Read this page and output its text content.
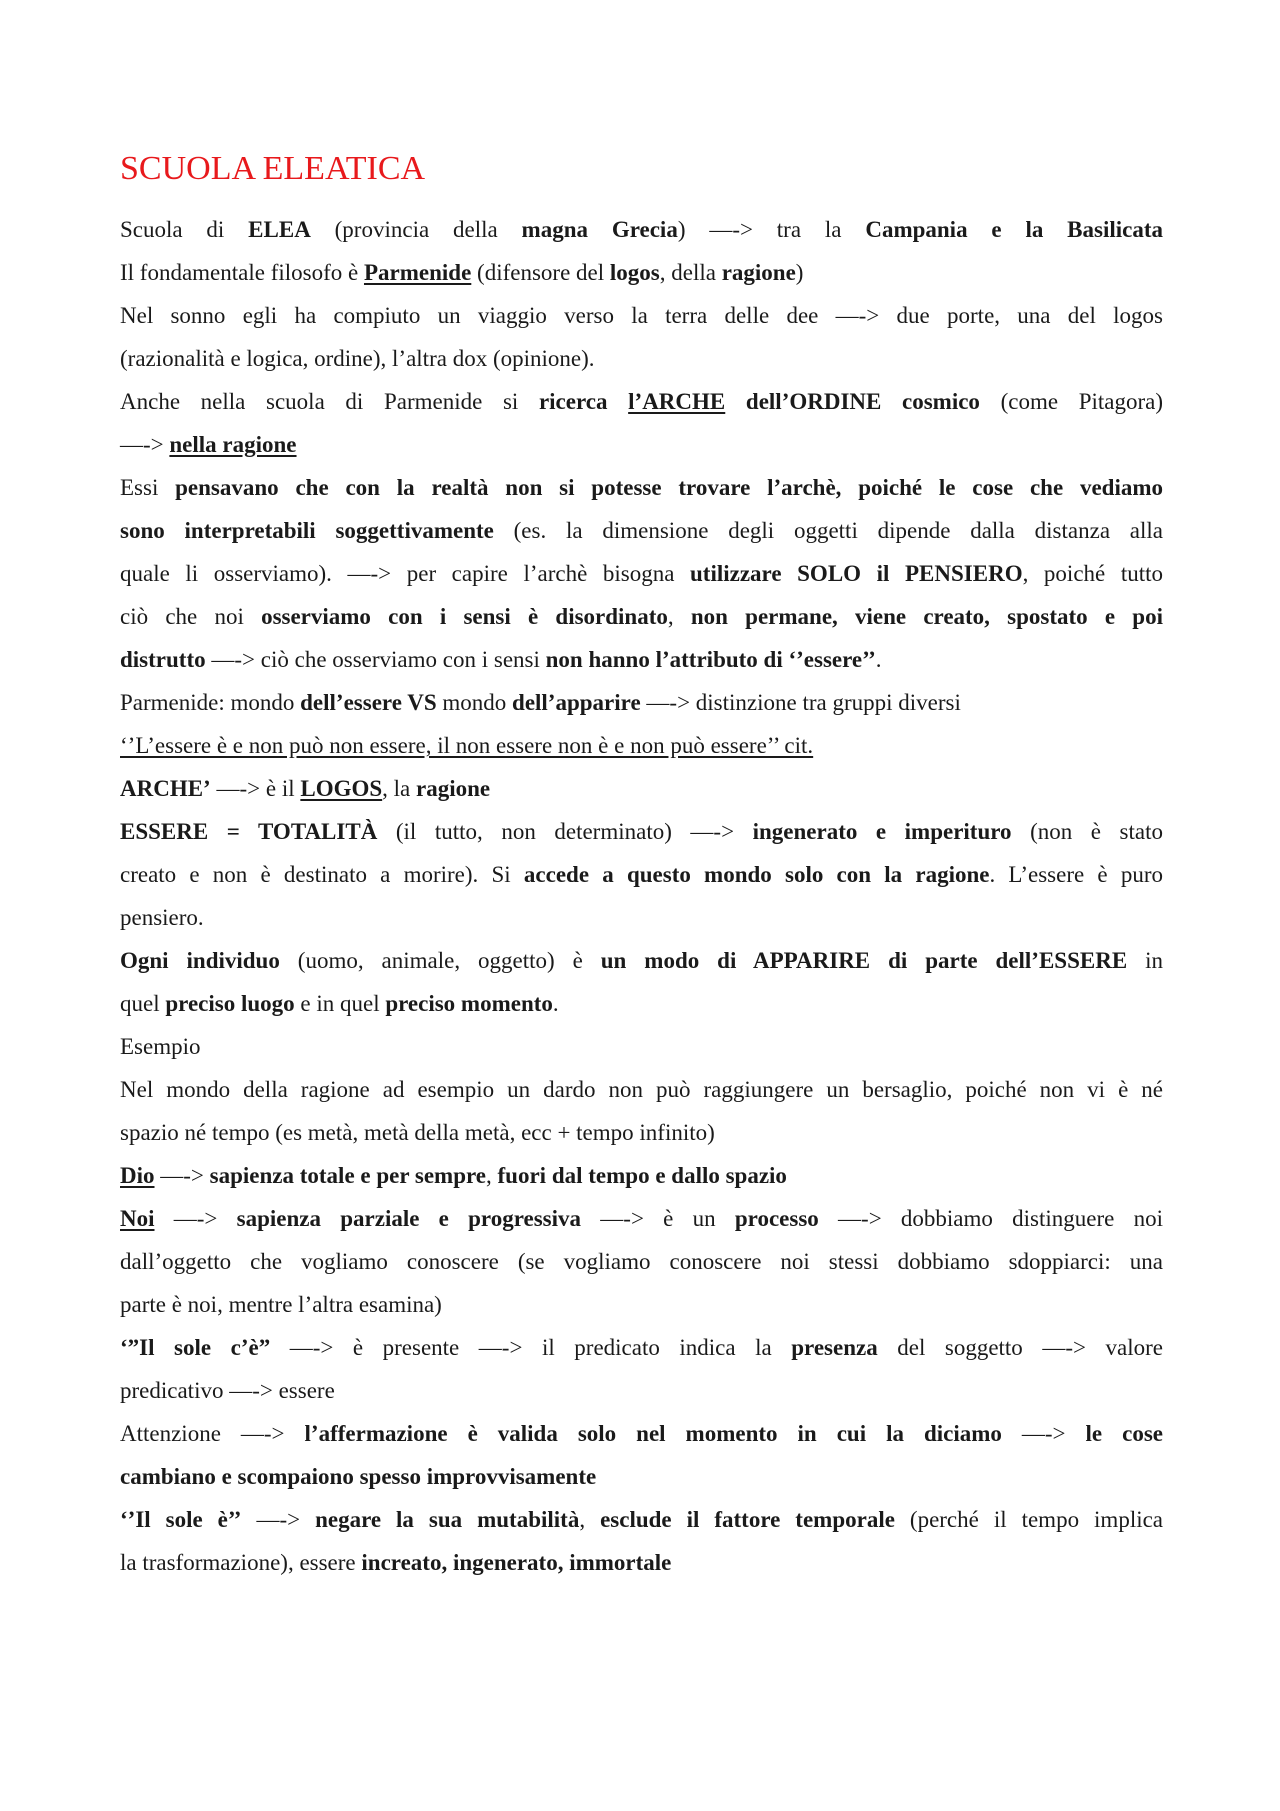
SCUOLA ELEATICA
Scuola di ELEA (provincia della magna Grecia) —-> tra la Campania e la Basilicata
Il fondamentale filosofo è Parmenide (difensore del logos, della ragione)
Nel sonno egli ha compiuto un viaggio verso la terra delle dee —-> due porte, una del logos
(razionalità e logica, ordine), l’altra dox (opinione).
Anche nella scuola di Parmenide si ricerca l’ARCHE dell’ORDINE cosmico (come Pitagora)
—-> nella ragione
Essi pensavano che con la realtà non si potesse trovare l’archè, poiché le cose che vediamo
sono interpretabili soggettivamente (es. la dimensione degli oggetti dipende dalla distanza alla
quale li osserviamo). —-> per capire l’archè bisogna utilizzare SOLO il PENSIERO, poiché tutto
ciò che noi osserviamo con i sensi è disordinato, non permane, viene creato, spostato e poi
distrutto —-> ciò che osserviamo con i sensi non hanno l’attributo di ‘’essere’’.
Parmenide: mondo dell’essere VS mondo dell’apparire —-> distinzione tra gruppi diversi
‘’L’essere è e non può non essere, il non essere non è e non può essere’’ cit.
ARCHE’ —-> è il LOGOS, la ragione
ESSERE = TOTALITÀ (il tutto, non determinato) —-> ingenerato e imperituro (non è stato
creato e non è destinato a morire). Si accede a questo mondo solo con la ragione. L’essere è puro
pensiero.
Ogni individuo (uomo, animale, oggetto) è un modo di APPARIRE di parte dell’ESSERE in
quel preciso luogo e in quel preciso momento.
Esempio
Nel mondo della ragione ad esempio un dardo non può raggiungere un bersaglio, poiché non vi è né
spazio né tempo (es metà, metà della metà, ecc + tempo infinito)
Dio —-> sapienza totale e per sempre, fuori dal tempo e dallo spazio
Noi —-> sapienza parziale e progressiva —-> è un processo —-> dobbiamo distinguere noi
dall’oggetto che vogliamo conoscere (se vogliamo conoscere noi stessi dobbiamo sdoppiarci: una
parte è noi, mentre l’altra esamina)
‘”Il sole c’è” —-> è presente —-> il predicato indica la presenza del soggetto —-> valore
predicativo —-> essere
Attenzione —-> l’affermazione è valida solo nel momento in cui la diciamo —-> le cose
cambiano e scompaiono spesso improvvisamente
‘’Il sole è’’ —-> negare la sua mutabilità, esclude il fattore temporale (perché il tempo implica
la trasformazione), essere increato, ingenerato, immortale
